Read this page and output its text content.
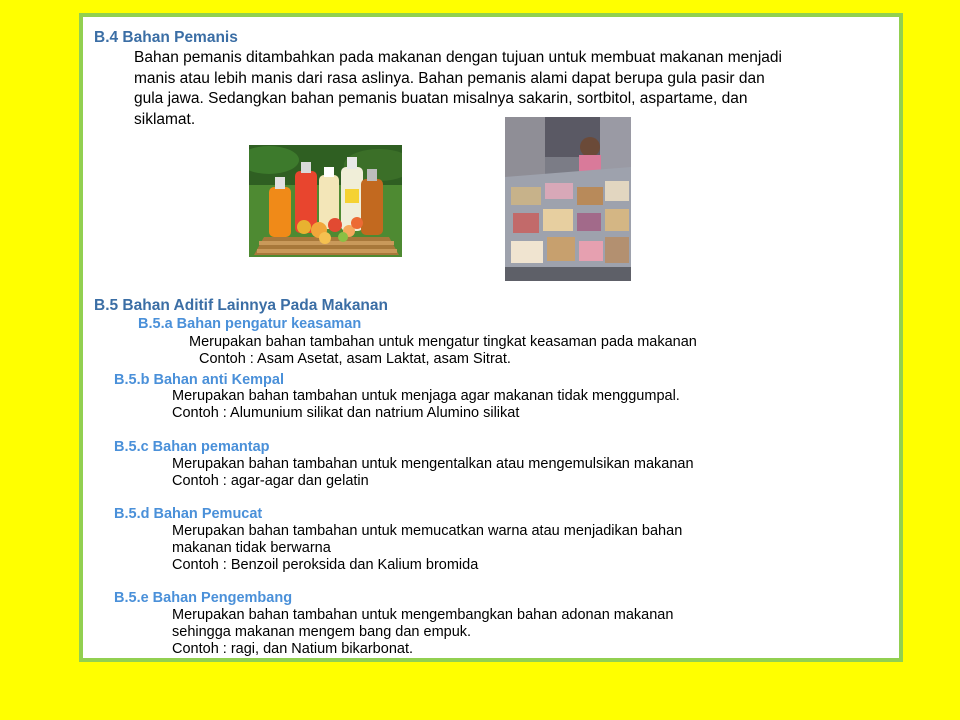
B.4 Bahan Pemanis
Bahan pemanis ditambahkan pada makanan dengan tujuan untuk membuat makanan menjadi
manis atau lebih manis dari rasa aslinya. Bahan pemanis alami dapat berupa gula pasir dan
gula jawa. Sedangkan bahan pemanis buatan misalnya sakarin, sortbitol, aspartame, dan
siklamat.
B.5 Bahan Aditif Lainnya Pada Makanan
B.5.a Bahan pengatur keasaman
Merupakan bahan tambahan untuk mengatur tingkat keasaman pada makanan
Contoh : Asam Asetat, asam Laktat, asam Sitrat.
B.5.b Bahan anti Kempal
Merupakan bahan tambahan untuk menjaga agar makanan tidak menggumpal.
Contoh : Alumunium silikat dan natrium Alumino silikat
B.5.c Bahan pemantap
Merupakan bahan tambahan untuk mengentalkan atau mengemulsikan makanan
Contoh : agar-agar dan gelatin
B.5.d Bahan Pemucat
Merupakan bahan tambahan untuk memucatkan warna atau menjadikan bahan
makanan tidak berwarna
Contoh : Benzoil peroksida dan Kalium bromida
B.5.e Bahan Pengembang
Merupakan bahan tambahan untuk mengembangkan bahan adonan makanan
sehingga makanan mengem bang dan empuk.
Contoh : ragi, dan Natium bikarbonat.
